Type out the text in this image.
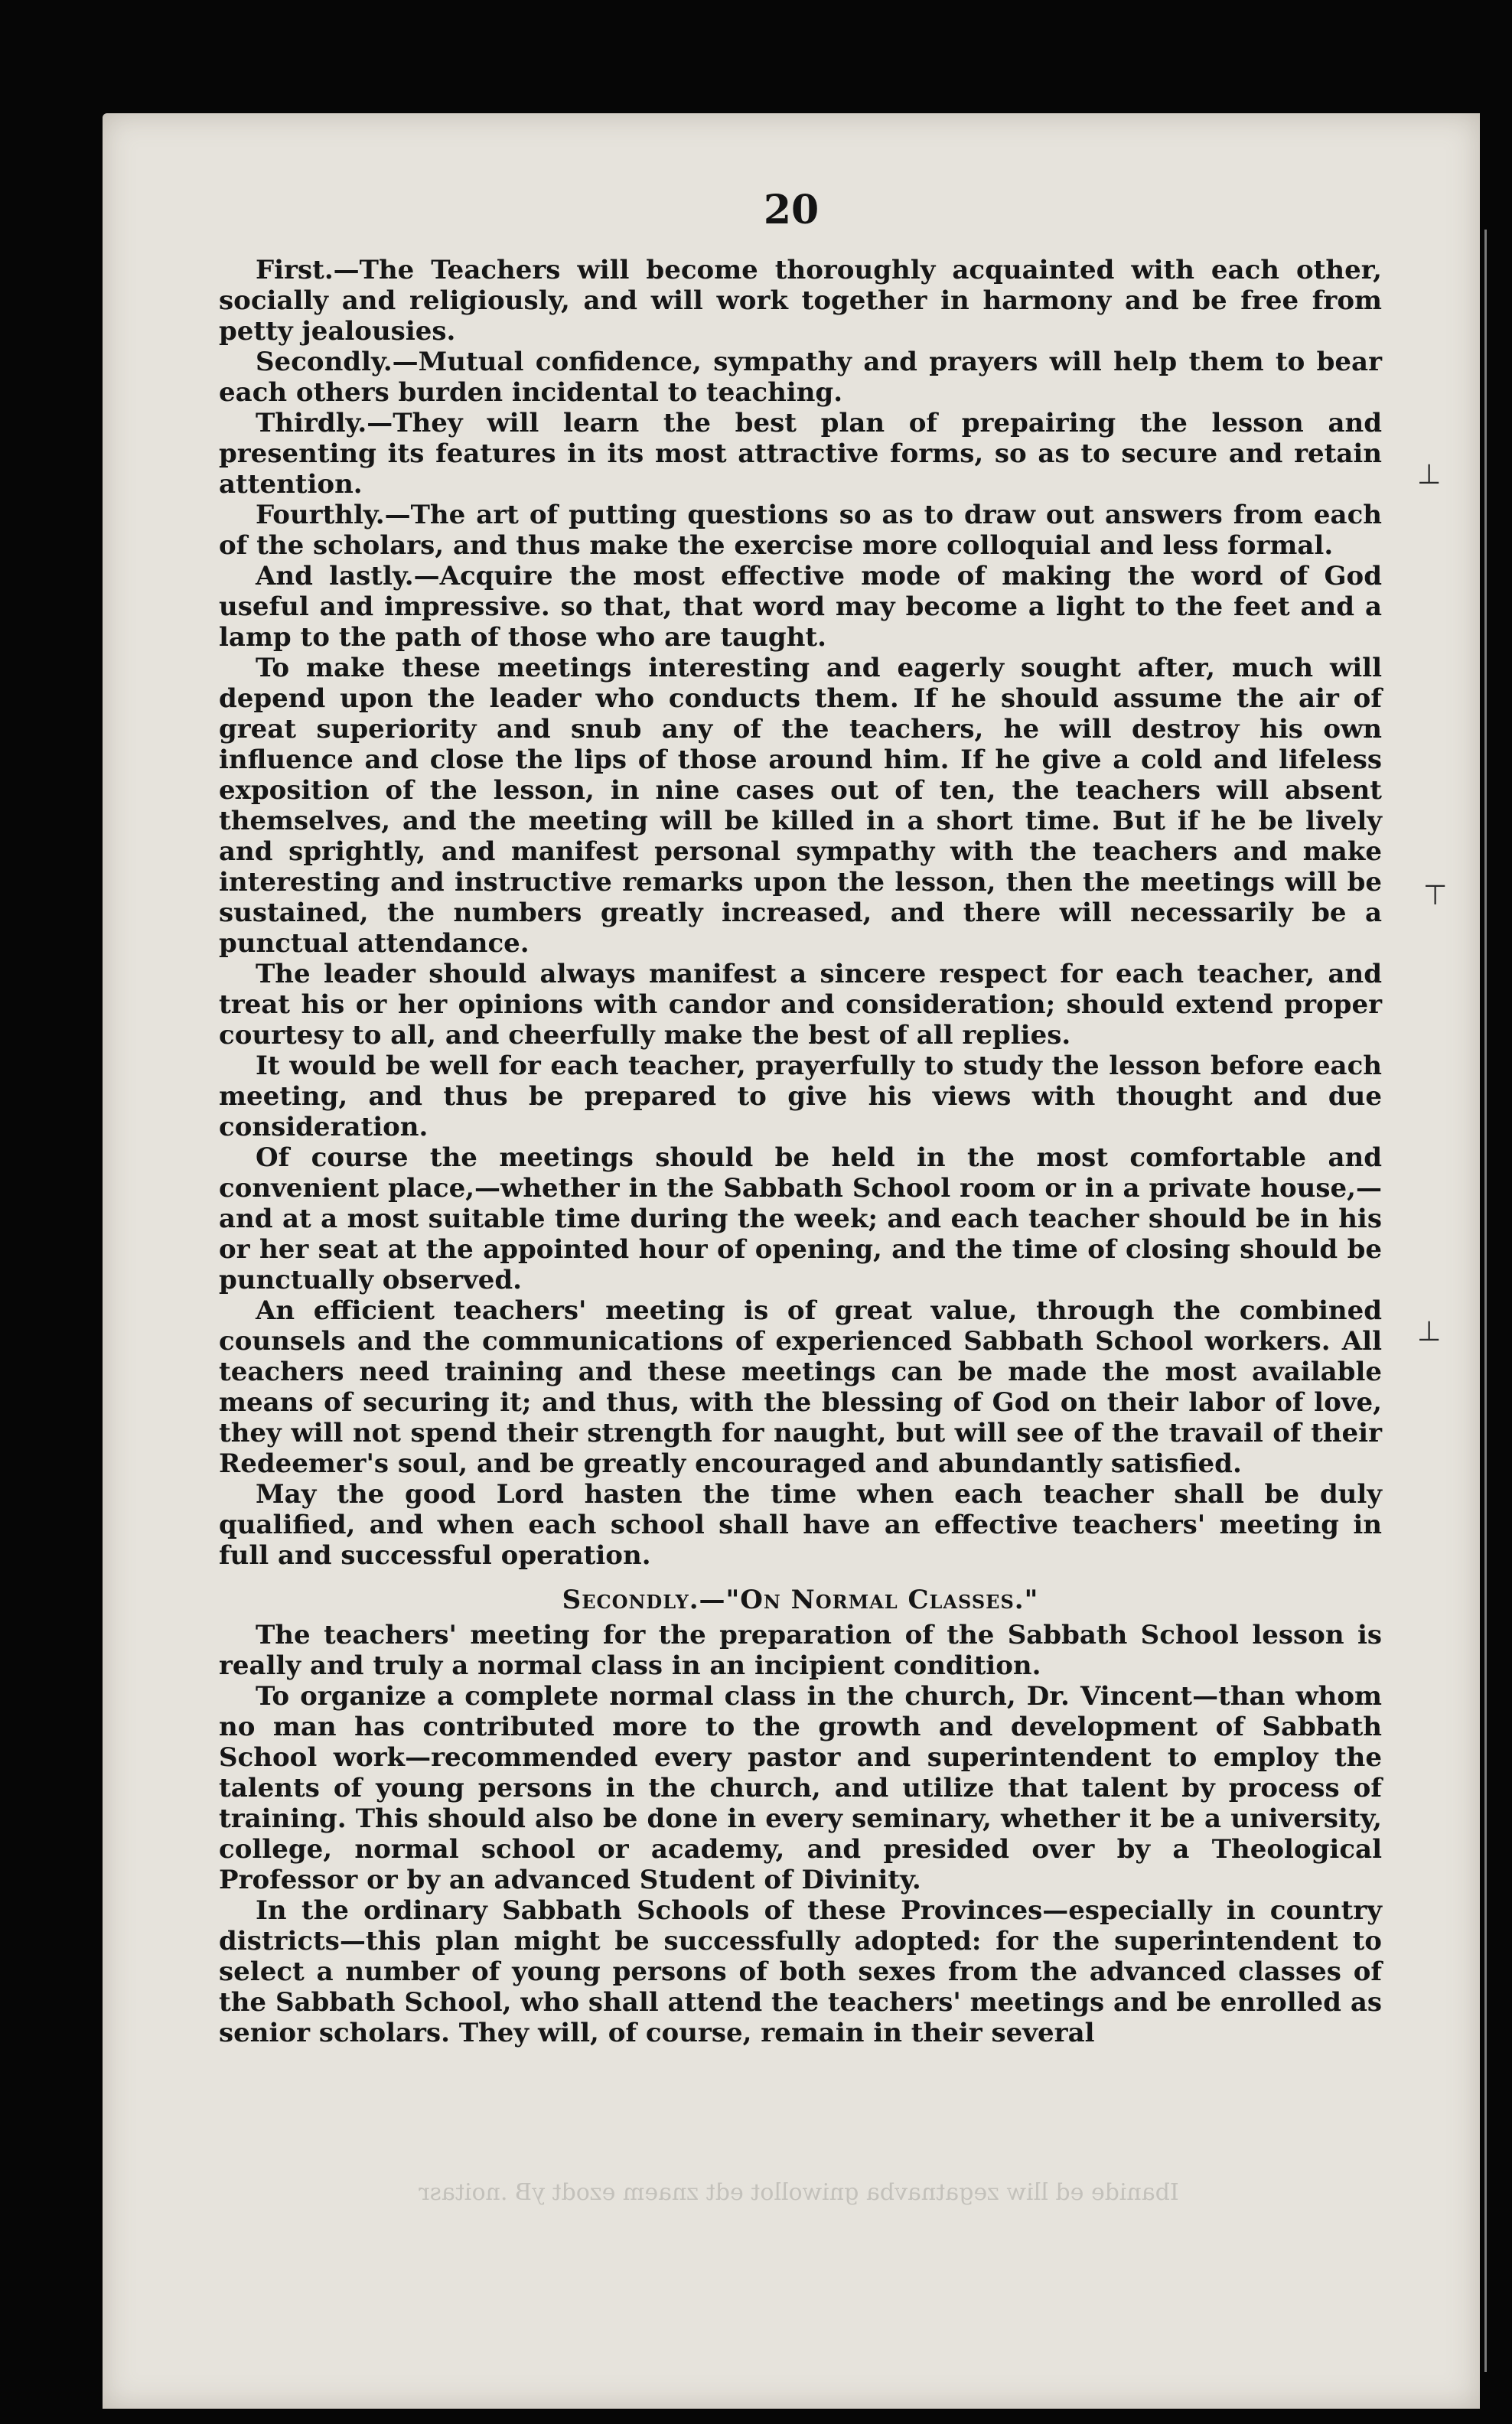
20

First.—The Teachers will become thoroughly acquainted with each other, socially and religiously, and will work together in harmony and be free from petty jealousies.

Secondly.—Mutual confidence, sympathy and prayers will help them to bear each others burden incidental to teaching.

Thirdly.—They will learn the best plan of prepairing the lesson and presenting its features in its most attractive forms, so as to secure and retain attention.

Fourthly.—The art of putting questions so as to draw out answers from each of the scholars, and thus make the exercise more colloquial and less formal.

And lastly.—Acquire the most effective mode of making the word of God useful and impressive. so that, that word may become a light to the feet and a lamp to the path of those who are taught.

To make these meetings interesting and eagerly sought after, much will depend upon the leader who conducts them. If he should assume the air of great superiority and snub any of the teachers, he will destroy his own influence and close the lips of those around him. If he give a cold and lifeless exposition of the lesson, in nine cases out of ten, the teachers will absent themselves, and the meeting will be killed in a short time. But if he be lively and sprightly, and manifest personal sympathy with the teachers and make interesting and instructive remarks upon the lesson, then the meetings will be sustained, the numbers greatly increased, and there will necessarily be a punctual attendance.

The leader should always manifest a sincere respect for each teacher, and treat his or her opinions with candor and consideration; should extend proper courtesy to all, and cheerfully make the best of all replies.

It would be well for each teacher, prayerfully to study the lesson before each meeting, and thus be prepared to give his views with thought and due consideration.

Of course the meetings should be held in the most comfortable and convenient place,—whether in the Sabbath School room or in a private house,—and at a most suitable time during the week; and each teacher should be in his or her seat at the appointed hour of opening, and the time of closing should be punctually observed.

An efficient teachers' meeting is of great value, through the combined counsels and the communications of experienced Sabbath School workers. All teachers need training and these meetings can be made the most available means of securing it; and thus, with the blessing of God on their labor of love, they will not spend their strength for naught, but will see of the travail of their Redeemer's soul, and be greatly encouraged and abundantly satisfied.

May the good Lord hasten the time when each teacher shall be duly qualified, and when each school shall have an effective teachers' meeting in full and successful operation.

Secondly.—"On Normal Classes."

The teachers' meeting for the preparation of the Sabbath School lesson is really and truly a normal class in an incipient condition.

To organize a complete normal class in the church, Dr. Vincent—than whom no man has contributed more to the growth and development of Sabbath School work—recommended every pastor and superintendent to employ the talents of young persons in the church, and utilize that talent by process of training. This should also be done in every seminary, whether it be a university, college, normal school or academy, and presided over by a Theological Professor or by an advanced Student of Divinity.

In the ordinary Sabbath Schools of these Provinces—especially in country districts—this plan might be successfully adopted: for the superintendent to select a number of young persons of both sexes from the advanced classes of the Sabbath School, who shall attend the teachers' meetings and be enrolled as senior scholars. They will, of course, remain in their several

Ibanide ed lliw zegatnavba gniwollot edt znaem ezodt yB .noitasr
⊥
⊤
⊥
